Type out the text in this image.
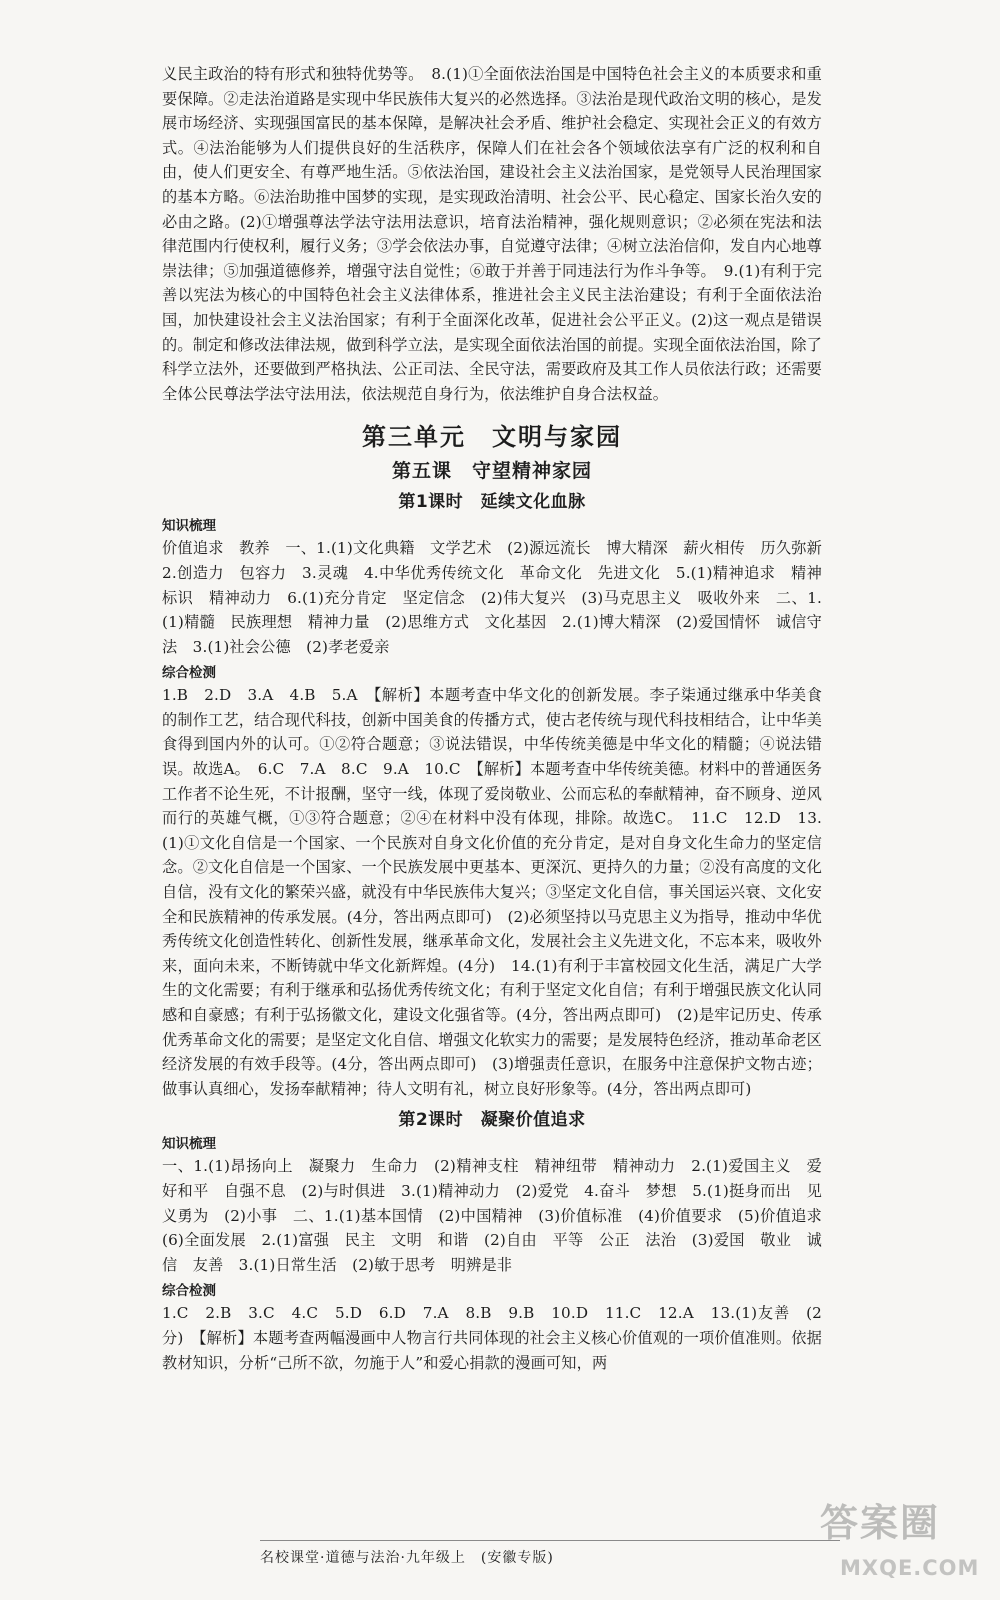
义民主政治的特有形式和独特优势等。　8.(1)①全面依法治国是中国特色社会主义的本质要求和重要保障。②走法治道路是实现中华民族伟大复兴的必然选择。③法治是现代政治文明的核心，是发展市场经济、实现强国富民的基本保障，是解决社会矛盾、维护社会稳定、实现社会正义的有效方式。④法治能够为人们提供良好的生活秩序，保障人们在社会各个领域依法享有广泛的权利和自由，使人们更安全、有尊严地生活。⑤依法治国，建设社会主义法治国家，是党领导人民治理国家的基本方略。⑥法治助推中国梦的实现，是实现政治清明、社会公平、民心稳定、国家长治久安的必由之路。(2)①增强尊法学法守法用法意识，培育法治精神，强化规则意识；②必须在宪法和法律范围内行使权利，履行义务；③学会依法办事，自觉遵守法律；④树立法治信仰，发自内心地尊崇法律；⑤加强道德修养，增强守法自觉性；⑥敢于并善于同违法行为作斗争等。　9.(1)有利于完善以宪法为核心的中国特色社会主义法律体系，推进社会主义民主法治建设；有利于全面依法治国，加快建设社会主义法治国家；有利于全面深化改革，促进社会公平正义。(2)这一观点是错误的。制定和修改法律法规，做到科学立法，是实现全面依法治国的前提。实现全面依法治国，除了科学立法外，还要做到严格执法、公正司法、全民守法，需要政府及其工作人员依法行政；还需要全体公民尊法学法守法用法，依法规范自身行为，依法维护自身合法权益。

第三单元　文明与家园
第五课　守望精神家园
第1课时　延续文化血脉
知识梳理

价值追求　教养　一、1.(1)文化典籍　文学艺术　(2)源远流长　博大精深　薪火相传　历久弥新　2.创造力　包容力　3.灵魂　4.中华优秀传统文化　革命文化　先进文化　5.(1)精神追求　精神标识　精神动力　6.(1)充分肯定　坚定信念　(2)伟大复兴　(3)马克思主义　吸收外来　二、1.(1)精髓　民族理想　精神力量　(2)思维方式　文化基因　2.(1)博大精深　(2)爱国情怀　诚信守法　3.(1)社会公德　(2)孝老爱亲

综合检测

1.B　2.D　3.A　4.B　5.A　【解析】本题考查中华文化的创新发展。李子柒通过继承中华美食的制作工艺，结合现代科技，创新中国美食的传播方式，使古老传统与现代科技相结合，让中华美食得到国内外的认可。①②符合题意；③说法错误，中华传统美德是中华文化的精髓；④说法错误。故选A。　6.C　7.A　8.C　9.A　10.C　【解析】本题考查中华传统美德。材料中的普通医务工作者不论生死，不计报酬，坚守一线，体现了爱岗敬业、公而忘私的奉献精神，奋不顾身、逆风而行的英雄气概，①③符合题意；②④在材料中没有体现，排除。故选C。　11.C　12.D　13.(1)①文化自信是一个国家、一个民族对自身文化价值的充分肯定，是对自身文化生命力的坚定信念。②文化自信是一个国家、一个民族发展中更基本、更深沉、更持久的力量；②没有高度的文化自信，没有文化的繁荣兴盛，就没有中华民族伟大复兴；③坚定文化自信，事关国运兴衰、文化安全和民族精神的传承发展。(4分，答出两点即可)　(2)必须坚持以马克思主义为指导，推动中华优秀传统文化创造性转化、创新性发展，继承革命文化，发展社会主义先进文化，不忘本来，吸收外来，面向未来，不断铸就中华文化新辉煌。(4分)　14.(1)有利于丰富校园文化生活，满足广大学生的文化需要；有利于继承和弘扬优秀传统文化；有利于坚定文化自信；有利于增强民族文化认同感和自豪感；有利于弘扬徽文化，建设文化强省等。(4分，答出两点即可)　(2)是牢记历史、传承优秀革命文化的需要；是坚定文化自信、增强文化软实力的需要；是发展特色经济，推动革命老区经济发展的有效手段等。(4分，答出两点即可)　(3)增强责任意识，在服务中注意保护文物古迹；做事认真细心，发扬奉献精神；待人文明有礼，树立良好形象等。(4分，答出两点即可)

第2课时　凝聚价值追求
知识梳理

一、1.(1)昂扬向上　凝聚力　生命力　(2)精神支柱　精神纽带　精神动力　2.(1)爱国主义　爱好和平　自强不息　(2)与时俱进　3.(1)精神动力　(2)爱党　4.奋斗　梦想　5.(1)挺身而出　见义勇为　(2)小事　二、1.(1)基本国情　(2)中国精神　(3)价值标准　(4)价值要求　(5)价值追求　(6)全面发展　2.(1)富强　民主　文明　和谐　(2)自由　平等　公正　法治　(3)爱国　敬业　诚信　友善　3.(1)日常生活　(2)敏于思考　明辨是非

综合检测

1.C　2.B　3.C　4.C　5.D　6.D　7.A　8.B　9.B　10.D　11.C　12.A　13.(1)友善　(2分)　【解析】本题考查两幅漫画中人物言行共同体现的社会主义核心价值观的一项价值准则。依据教材知识，分析“己所不欲，勿施于人”和爱心捐款的漫画可知，两

名校课堂·道德与法治·九年级上　(安徽专版)
答案圈
MXQE.COM
